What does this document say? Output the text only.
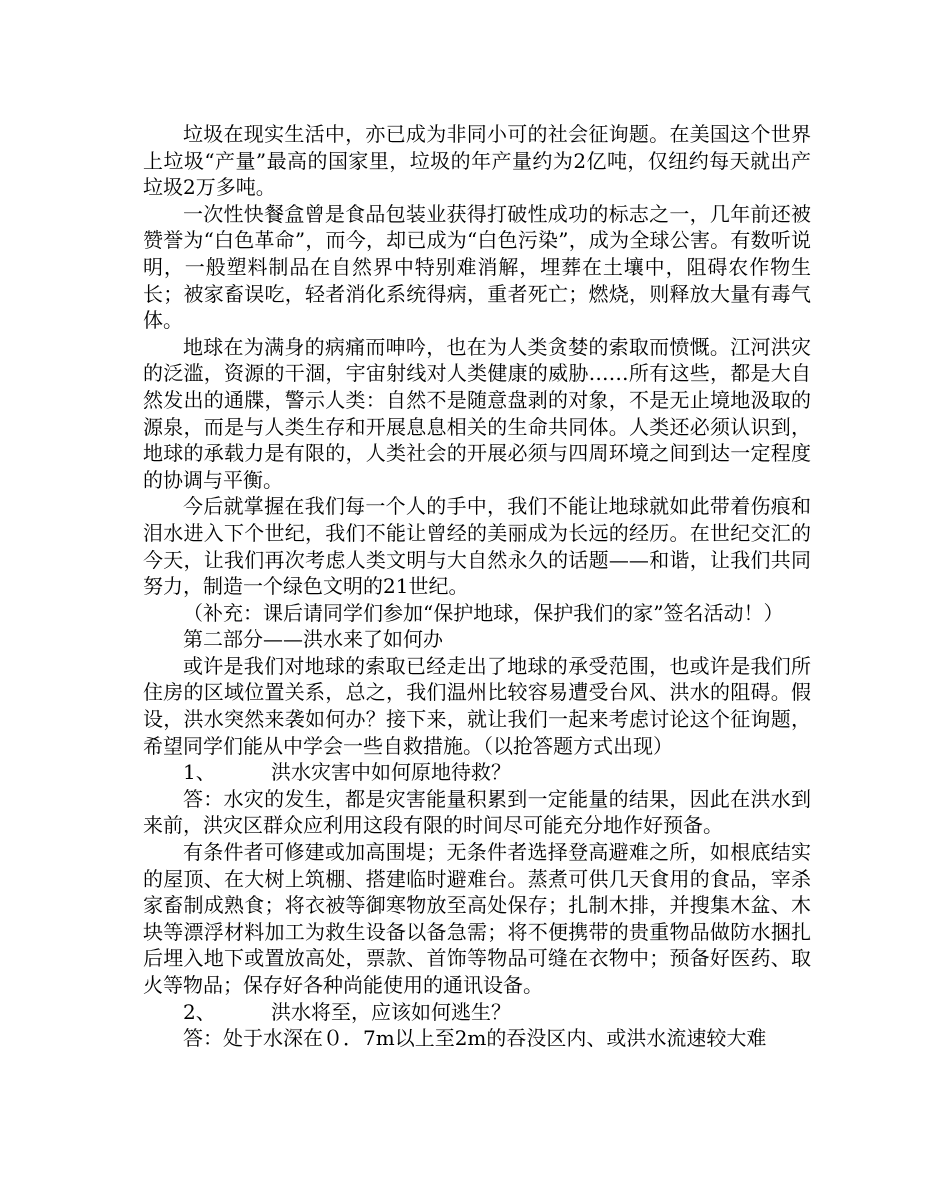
垃圾在现实生活中，亦已成为非同小可的社会征询题。在美国这个世界上垃圾“产量”最高的国家里，垃圾的年产量约为2亿吨，仅纽约每天就出产垃圾2万多吨。

一次性快餐盒曾是食品包装业获得打破性成功的标志之一，几年前还被赞誉为“白色革命”，而今，却已成为“白色污染”，成为全球公害。有数听说明，一般塑料制品在自然界中特别难消解，埋葬在土壤中，阻碍农作物生长；被家畜误吃，轻者消化系统得病，重者死亡；燃烧，则释放大量有毒气体。

地球在为满身的病痛而呻吟，也在为人类贪婪的索取而愤慨。江河洪灾的泛滥，资源的干涸，宇宙射线对人类健康的威胁……所有这些，都是大自然发出的通牒，警示人类：自然不是随意盘剥的对象，不是无止境地汲取的源泉，而是与人类生存和开展息息相关的生命共同体。人类还必须认识到，地球的承载力是有限的，人类社会的开展必须与四周环境之间到达一定程度的协调与平衡。

今后就掌握在我们每一个人的手中，我们不能让地球就如此带着伤痕和泪水进入下个世纪，我们不能让曾经的美丽成为长远的经历。在世纪交汇的今天，让我们再次考虑人类文明与大自然永久的话题——和谐，让我们共同努力，制造一个绿色文明的21世纪。

（补充：课后请同学们参加“保护地球，保护我们的家”签名活动！）

第二部分——洪水来了如何办

或许是我们对地球的索取已经走出了地球的承受范围，也或许是我们所住房的区域位置关系，总之，我们温州比较容易遭受台风、洪水的阻碍。假设，洪水突然来袭如何办？接下来，就让我们一起来考虑讨论这个征询题，希望同学们能从中学会一些自救措施。（以抢答题方式出现）

1、	洪水灾害中如何原地待救？

答：水灾的发生，都是灾害能量积累到一定能量的结果，因此在洪水到来前，洪灾区群众应利用这段有限的时间尽可能充分地作好预备。

有条件者可修建或加高围堤；无条件者选择登高避难之所，如根底结实的屋顶、在大树上筑棚、搭建临时避难台。蒸煮可供几天食用的食品，宰杀家畜制成熟食；将衣被等御寒物放至高处保存；扎制木排，并搜集木盆、木块等漂浮材料加工为救生设备以备急需；将不便携带的贵重物品做防水捆扎后埋入地下或置放高处，票款、首饰等物品可缝在衣物中；预备好医药、取火等物品；保存好各种尚能使用的通讯设备。

2、	洪水将至，应该如何逃生？

答：处于水深在０．7m以上至2m的吞没区内、或洪水流速较大难
